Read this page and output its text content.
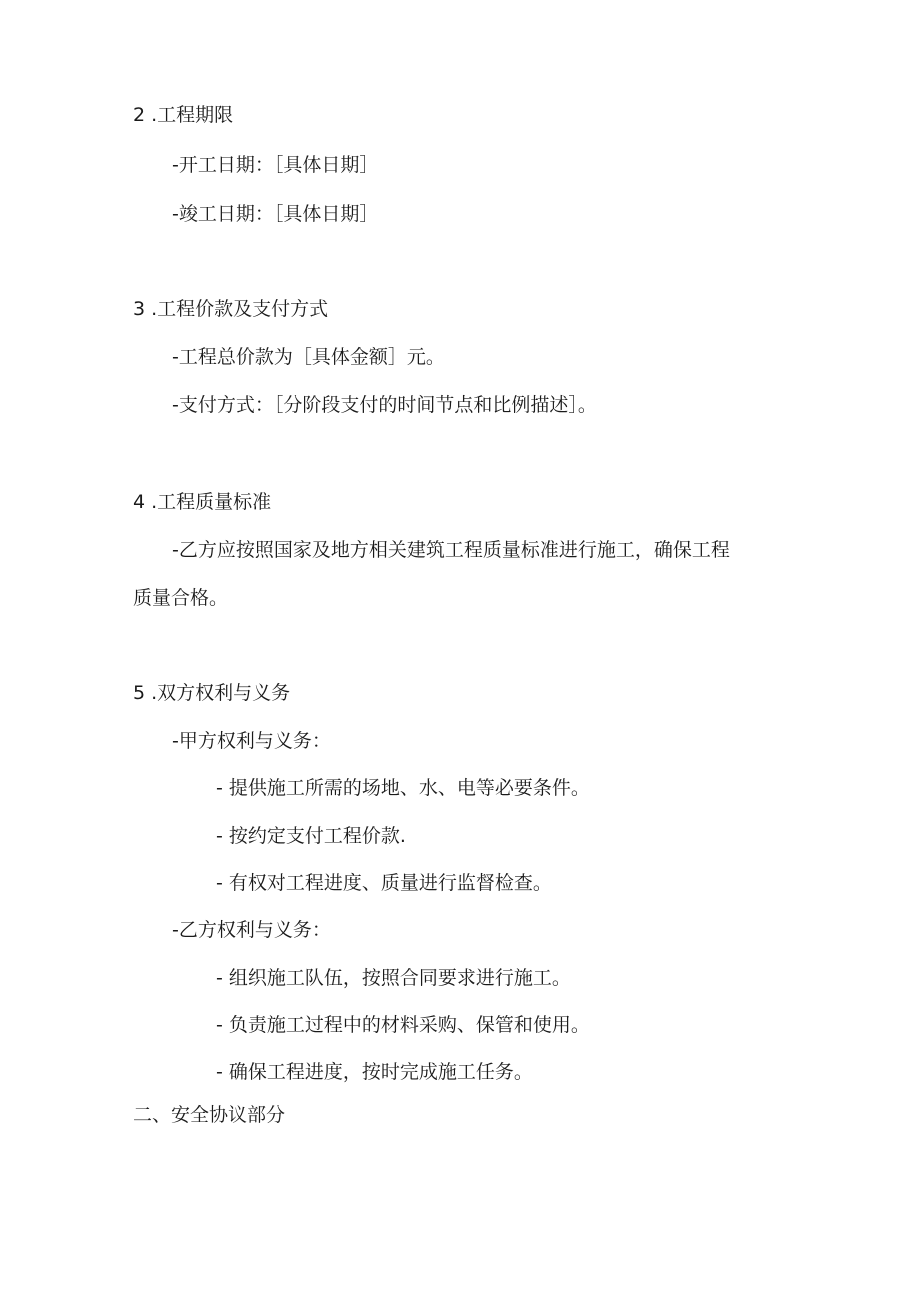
2 .工程期限
-开工日期：［具体日期］
-竣工日期：［具体日期］
3 .工程价款及支付方式
-工程总价款为［具体金额］元。
-支付方式：［分阶段支付的时间节点和比例描述］。
4 .工程质量标准
-乙方应按照国家及地方相关建筑工程质量标准进行施工，确保工程
质量合格。
5 .双方权利与义务
-甲方权利与义务：
- 提供施工所需的场地、水、电等必要条件。
- 按约定支付工程价款.
- 有权对工程进度、质量进行监督检查。
-乙方权利与义务：
- 组织施工队伍，按照合同要求进行施工。
- 负责施工过程中的材料采购、保管和使用。
- 确保工程进度，按时完成施工任务。
二、安全协议部分
